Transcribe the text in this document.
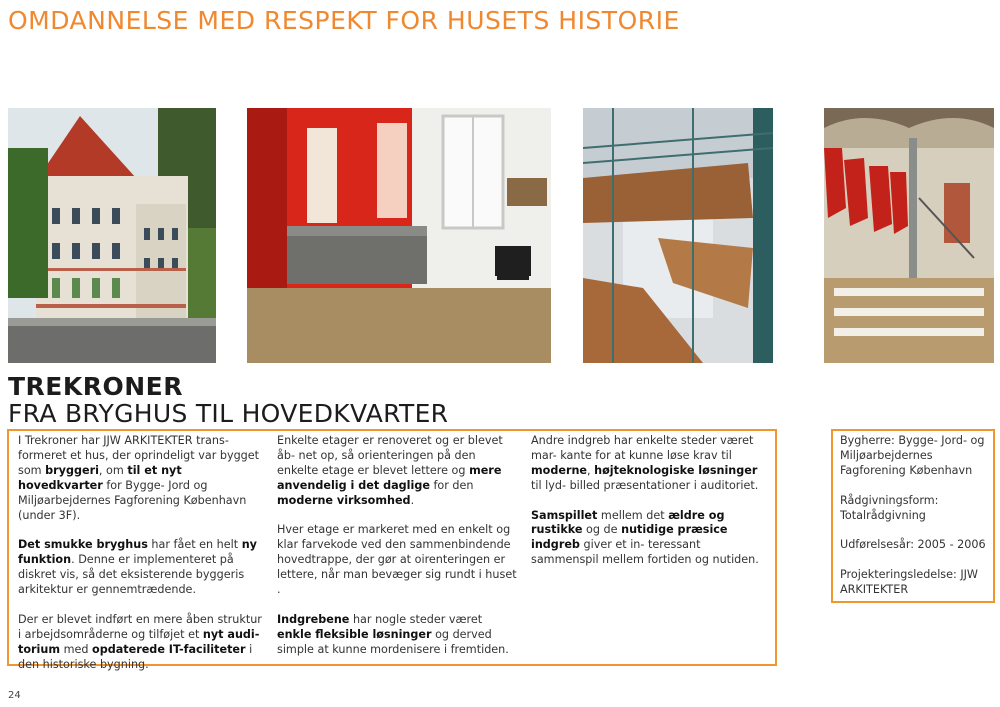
OMDANNELSE MED RESPEKT FOR HUSETS HISTORIE
TREKRONER
FRA BRYGHUS TIL HOVEDKVARTER

I Trekroner har JJW ARKITEKTER trans- formeret et hus, der oprindeligt var bygget som bryggeri, om til et nyt hovedkvarter for Bygge- Jord og Miljøarbejdernes Fagforening København (under 3F).

Det smukke bryghus har fået en helt ny funktion. Denne er implementeret på diskret vis, så det eksisterende byggeris arkitektur er gennemtrædende.

Der er blevet indført en mere åben struktur i arbejdsområderne og tilføjet et nyt audi- torium med opdaterede IT-faciliteter i den historiske bygning.

Enkelte etager er renoveret og er blevet åb- net op, så orienteringen på den enkelte etage er blevet lettere og mere anvendelig i det daglige for den moderne virksomhed.

Hver etage er markeret med en enkelt og klar farvekode ved den sammenbindende hovedtrappe, der gør at oirenteringen er lettere, når man bevæger sig rundt i huset .

Indgrebene har nogle steder været enkle fleksible løsninger og derved simple at kunne mordenisere i fremtiden.

Andre indgreb har enkelte steder været mar- kante for at kunne løse krav til moderne, højteknologiske løsninger til lyd- billed præsentationer i auditoriet.

Samspillet mellem det ældre og rustikke og de nutidige præsice indgreb giver et in- teressant sammenspil mellem fortiden og nutiden.

Bygherre: Bygge- Jord- og Miljøarbejdernes Fagforening København

Rådgivningsform: Totalrådgivning

Udførelsesår: 2005 - 2006

Projekteringsledelse: JJW ARKITEKTER

24
